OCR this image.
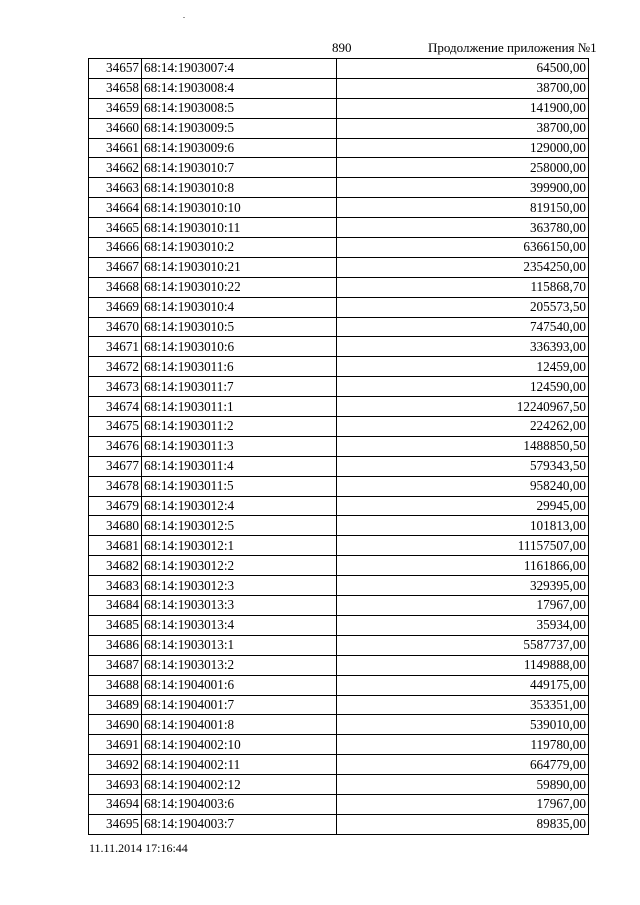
890	Продолжение приложения №1
34657	68:14:1903007:4	64500,00
34658	68:14:1903008:4	38700,00
34659	68:14:1903008:5	141900,00
34660	68:14:1903009:5	38700,00
34661	68:14:1903009:6	129000,00
34662	68:14:1903010:7	258000,00
34663	68:14:1903010:8	399900,00
34664	68:14:1903010:10	819150,00
34665	68:14:1903010:11	363780,00
34666	68:14:1903010:2	6366150,00
34667	68:14:1903010:21	2354250,00
34668	68:14:1903010:22	115868,70
34669	68:14:1903010:4	205573,50
34670	68:14:1903010:5	747540,00
34671	68:14:1903010:6	336393,00
34672	68:14:1903011:6	12459,00
34673	68:14:1903011:7	124590,00
34674	68:14:1903011:1	12240967,50
34675	68:14:1903011:2	224262,00
34676	68:14:1903011:3	1488850,50
34677	68:14:1903011:4	579343,50
34678	68:14:1903011:5	958240,00
34679	68:14:1903012:4	29945,00
34680	68:14:1903012:5	101813,00
34681	68:14:1903012:1	11157507,00
34682	68:14:1903012:2	1161866,00
34683	68:14:1903012:3	329395,00
34684	68:14:1903013:3	17967,00
34685	68:14:1903013:4	35934,00
34686	68:14:1903013:1	5587737,00
34687	68:14:1903013:2	1149888,00
34688	68:14:1904001:6	449175,00
34689	68:14:1904001:7	353351,00
34690	68:14:1904001:8	539010,00
34691	68:14:1904002:10	119780,00
34692	68:14:1904002:11	664779,00
34693	68:14:1904002:12	59890,00
34694	68:14:1904003:6	17967,00
34695	68:14:1904003:7	89835,00
11.11.2014 17:16:44
